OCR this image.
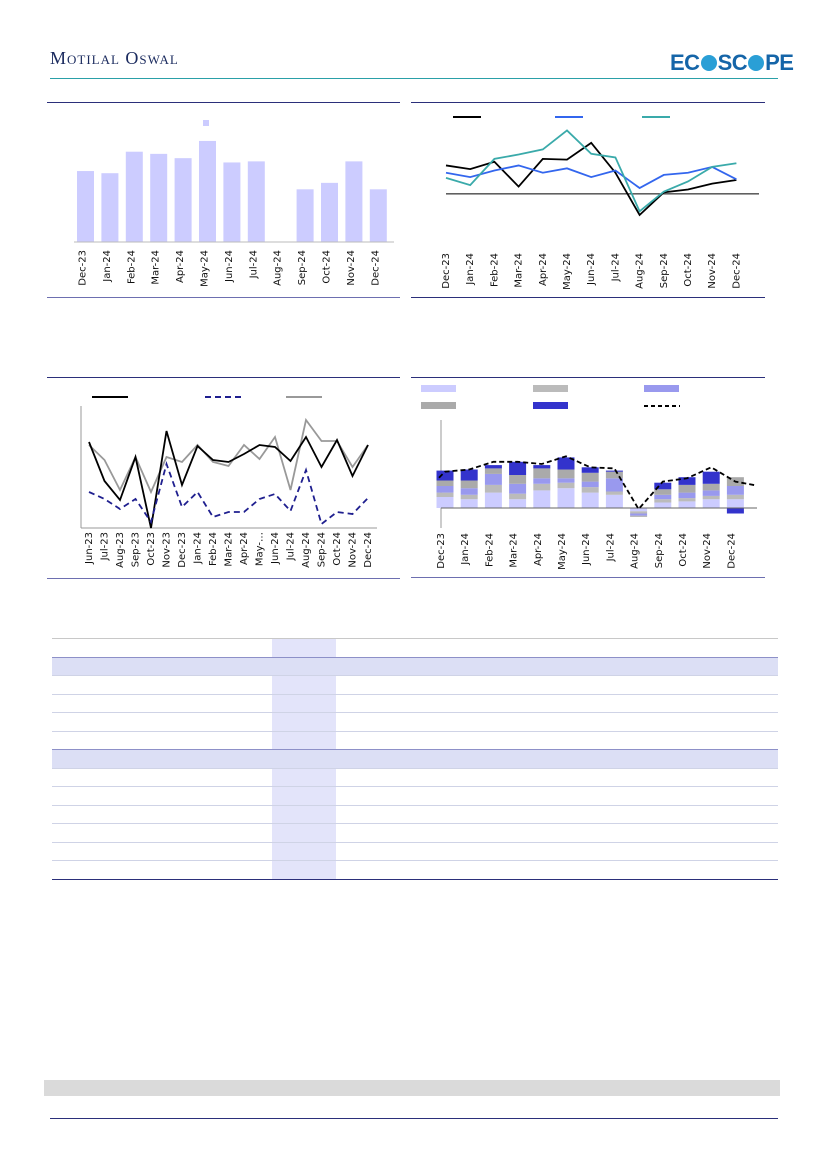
Motilal Oswal	EC SC PE
Dec-23 Jan-24 Feb-24 Mar-24 Apr-24 May-24 Jun-24 Jul-24 Aug-24 Sep-24 Oct-24 Nov-24 Dec-24	Dec-23 Jan-24 Feb-24 Mar-24 Apr-24 May-24 Jun-24 Jul-24 Aug-24 Sep-24 Oct-24 Nov-24 Dec-24
Jun-23 Jul-23 Aug-23 Sep-23 Oct-23 Nov-23 Dec-23 Jan-24 Feb-24 Mar-24 Apr-24 May-… Jun-24 Jul-24 Aug-24 Sep-24 Oct-24 Nov-24 Dec-24	Dec-23 Jan-24 Feb-24 Mar-24 Apr-24 May-24 Jun-24 Jul-24 Aug-24 Sep-24 Oct-24 Nov-24 Dec-24
